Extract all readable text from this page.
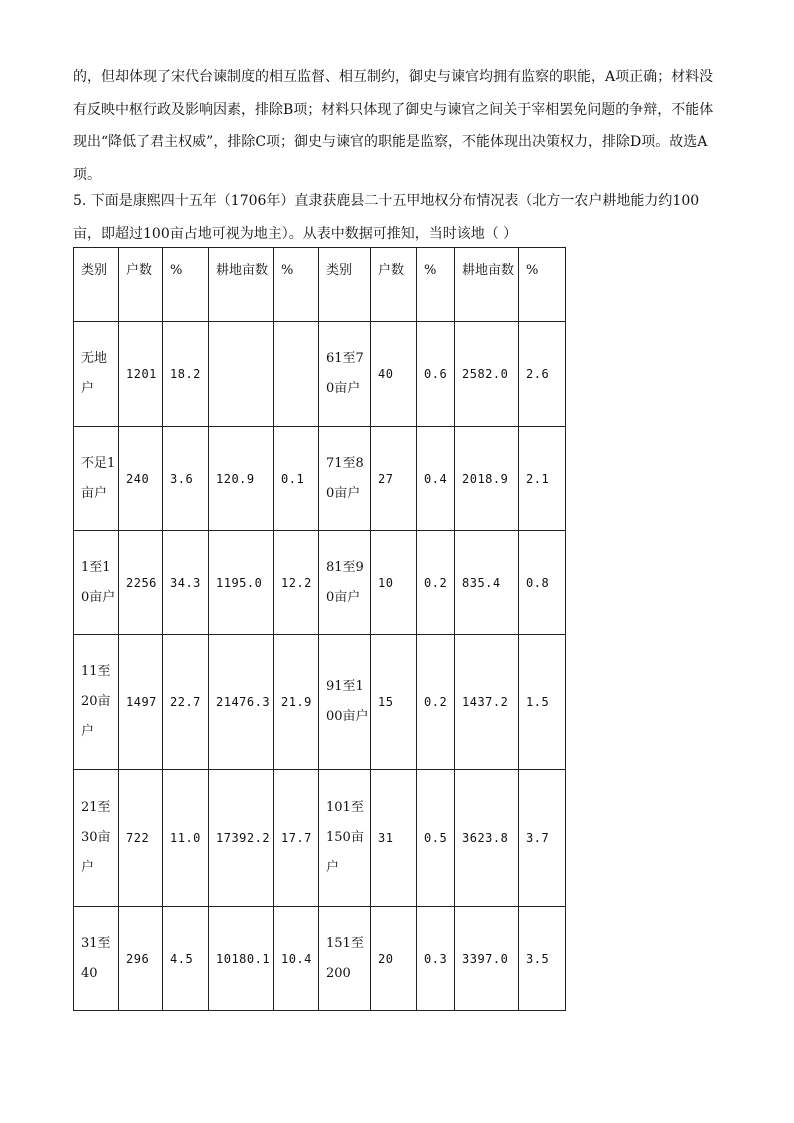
的，但却体现了宋代台谏制度的相互监督、相互制约，御史与谏官均拥有监察的职能，A项正确；材料没有反映中枢行政及影响因素，排除B项；材料只体现了御史与谏官之间关于宰相罢免问题的争辩，不能体现出“降低了君主权威”，排除C项；御史与谏官的职能是监察，不能体现出决策权力，排除D项。故选A项。

5. 下面是康熙四十五年（1706年）直隶获鹿县二十五甲地权分布情况表（北方一农户耕地能力约100亩，即超过100亩占地可视为地主）。从表中数据可推知，当时该地（ ）

类别	户数	%	耕地亩数	%	类别	户数	%	耕地亩数	%
无地户	1201	18.2			61至70亩户	40	0.6	2582.0	2.6
不足1亩户	240	3.6	120.9	0.1	71至80亩户	27	0.4	2018.9	2.1
1至10亩户	2256	34.3	1195.0	12.2	81至90亩户	10	0.2	835.4	0.8
11至20亩户	1497	22.7	21476.3	21.9	91至100亩户	15	0.2	1437.2	1.5
21至30亩户	722	11.0	17392.2	17.7	101至150亩户	31	0.5	3623.8	3.7
31至40	296	4.5	10180.1	10.4	151至200	20	0.3	3397.0	3.5
